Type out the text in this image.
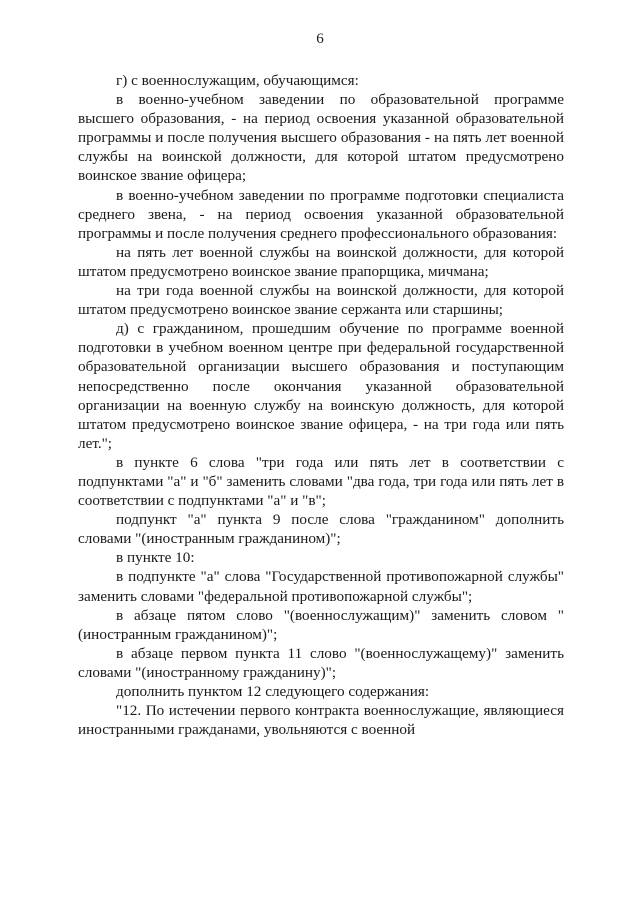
6

г) с военнослужащим, обучающимся:

в военно-учебном заведении по образовательной программе высшего образования, - на период освоения указанной образовательной программы и после получения высшего образования - на пять лет военной службы на воинской должности, для которой штатом предусмотрено воинское звание офицера;

в военно-учебном заведении по программе подготовки специалиста среднего звена, - на период освоения указанной образовательной программы и после получения среднего профессионального образования:

на пять лет военной службы на воинской должности, для которой штатом предусмотрено воинское звание прапорщика, мичмана;

на три года военной службы на воинской должности, для которой штатом предусмотрено воинское звание сержанта или старшины;

д) с гражданином, прошедшим обучение по программе военной подготовки в учебном военном центре при федеральной государственной образовательной организации высшего образования и поступающим непосредственно после окончания указанной образовательной организации на военную службу на воинскую должность, для которой штатом предусмотрено воинское звание офицера, - на три года или пять лет.";

в пункте 6 слова "три года или пять лет в соответствии с подпунктами "а" и "б" заменить словами "два года, три года или пять лет в соответствии с подпунктами "а" и "в";

подпункт "а" пункта 9 после слова "гражданином" дополнить словами "(иностранным гражданином)";

в пункте 10:

в подпункте "а" слова "Государственной противопожарной службы" заменить словами "федеральной противопожарной службы";

в абзаце пятом слово "(военнослужащим)" заменить словом "(иностранным гражданином)";

в абзаце первом пункта 11 слово "(военнослужащему)" заменить словами "(иностранному гражданину)";

дополнить пунктом 12 следующего содержания:

"12. По истечении первого контракта военнослужащие, являющиеся иностранными гражданами, увольняются с военной
